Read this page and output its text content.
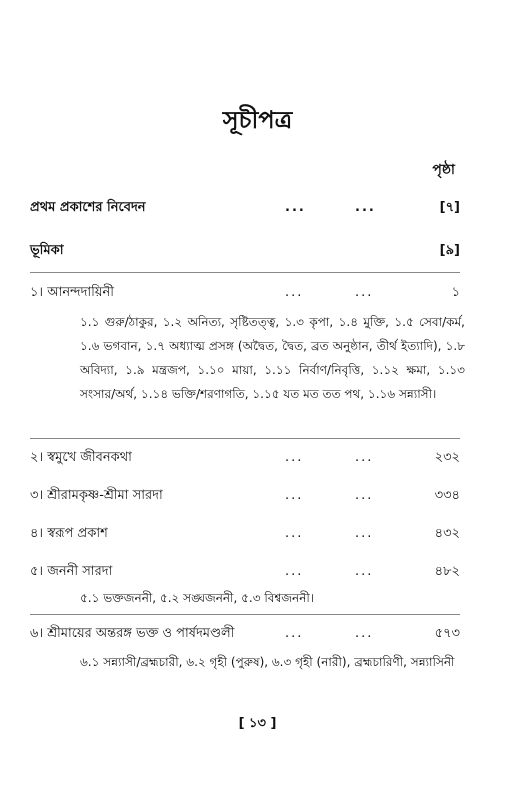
সূচীপত্র
পৃষ্ঠা
প্রথম প্রকাশের নিবেদন	...	...	[৭]
ভূমিকা	[৯]
১। আনন্দদায়িনী	...	...	১
১.১ গুরু/ঠাকুর, ১.২ অনিত্য, সৃষ্টিতত্ত্ব, ১.৩ কৃপা, ১.৪ মুক্তি, ১.৫ সেবা/কর্ম, ১.৬ ভগবান, ১.৭ অধ্যাত্ম প্রসঙ্গ (অদ্বৈত, দ্বৈত, ব্রত অনুষ্ঠান, তীর্থ ইত্যাদি), ১.৮ অবিদ্যা, ১.৯ মন্ত্রজপ, ১.১০ মায়া, ১.১১ নির্বাণ/নিবৃত্তি, ১.১২ ক্ষমা, ১.১৩ সংসার/অর্থ, ১.১৪ ভক্তি/শরণাগতি, ১.১৫ যত মত তত পথ, ১.১৬ সন্ন্যাসী।
২। স্বমুখে জীবনকথা	...	...	২৩২
৩। শ্রীরামকৃষ্ণ-শ্রীমা সারদা	...	...	৩৩৪
৪। স্বরূপ প্রকাশ	...	...	৪৩২
৫। জননী সারদা	...	...	৪৮২
৫.১ ভক্তজননী, ৫.২ সঙ্ঘজননী, ৫.৩ বিশ্বজননী।
৬। শ্রীমায়ের অন্তরঙ্গ ভক্ত ও পার্ষদমণ্ডলী	...	...	৫৭৩
৬.১ সন্ন্যাসী/ব্রহ্মচারী, ৬.২ গৃহী (পুরুষ), ৬.৩ গৃহী (নারী), ব্রহ্মচারিণী, সন্ন্যাসিনী
[ ১৩ ]
